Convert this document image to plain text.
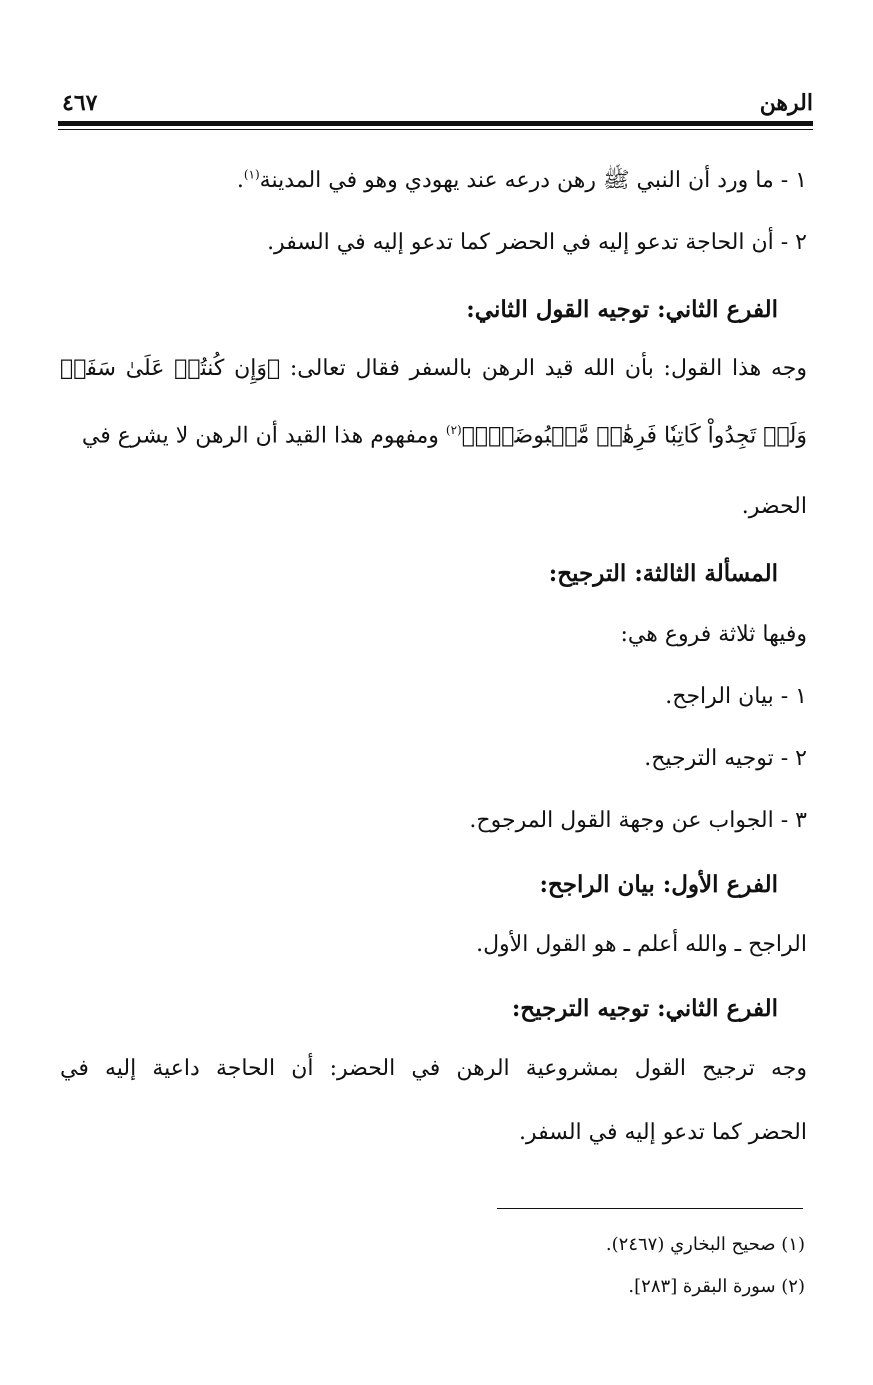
الرهن
٤٦٧
١ - ما ورد أن النبي ﷺ رهن درعه عند يهودي وهو في المدينة$^{(١)}$.
٢ - أن الحاجة تدعو إليه في الحضر كما تدعو إليه في السفر.
الفرع الثاني: توجيه القول الثاني:
وجه هذا القول: بأن الله قيد الرهن بالسفر فقال تعالى: ﴿وَإِن كُنتُمۡ عَلَىٰ سَفَرٖ
وَلَمۡ تَجِدُواْ كَاتِبٗا فَرِهَٰنٞ مَّقۡبُوضَةٞۖ﴾$^{(٢)}$ ومفهوم هذا القيد أن الرهن لا يشرع في
الحضر.
المسألة الثالثة: الترجيح:
وفيها ثلاثة فروع هي:
١ - بيان الراجح.
٢ - توجيه الترجيح.
٣ - الجواب عن وجهة القول المرجوح.
الفرع الأول: بيان الراجح:
الراجح ـ والله أعلم ـ هو القول الأول.
الفرع الثاني: توجيه الترجيح:
وجه ترجيح القول بمشروعية الرهن في الحضر: أن الحاجة داعية إليه في
الحضر كما تدعو إليه في السفر.
(١) صحيح البخاري (٢٤٦٧).
(٢) سورة البقرة [٢٨٣].
